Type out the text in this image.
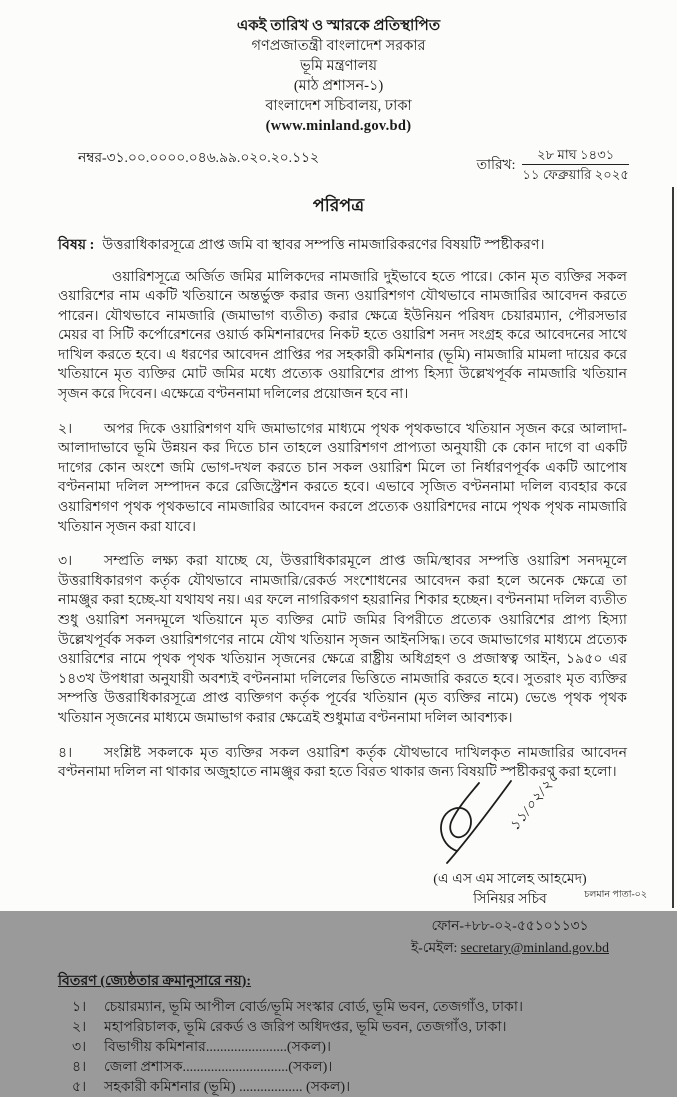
একই তারিখ ও স্মারকে প্রতিস্থাপিত
গণপ্রজাতন্ত্রী বাংলাদেশ সরকার
ভূমি মন্ত্রণালয়
(মাঠ প্রশাসন-১)
বাংলাদেশ সচিবালয়, ঢাকা
(www.minland.gov.bd)
নম্বর-৩১.০০.০০০০.০৪৬.৯৯.০২০.২০.১১২	তারিখ:
২৮ মাঘ ১৪৩১
১১ ফেব্রুয়ারি ২০২৫
পরিপত্র
বিষয় : উত্তরাধিকারসূত্রে প্রাপ্ত জমি বা স্থাবর সম্পত্তি নামজারিকরণের বিষয়টি স্পষ্টীকরণ।

ওয়ারিশসূত্রে অর্জিত জমির মালিকদের নামজারি দুইভাবে হতে পারে। কোন মৃত ব্যক্তির সকল ওয়ারিশের নাম একটি খতিয়ানে অন্তর্ভুক্ত করার জন্য ওয়ারিশগণ যৌথভাবে নামজারির আবেদন করতে পারেন। যৌথভাবে নামজারি (জমাভাগ ব্যতীত) করার ক্ষেত্রে ইউনিয়ন পরিষদ চেয়ারম্যান, পৌরসভার মেয়র বা সিটি কর্পোরেশনের ওয়ার্ড কমিশনারদের নিকট হতে ওয়ারিশ সনদ সংগ্রহ করে আবেদনের সাথে দাখিল করতে হবে। এ ধরণের আবেদন প্রাপ্তির পর সহকারী কমিশনার (ভূমি) নামজারি মামলা দায়ের করে খতিয়ানে মৃত ব্যক্তির মোট জমির মধ্যে প্রত্যেক ওয়ারিশের প্রাপ্য হিস্যা উল্লেখপূর্বক নামজারি খতিয়ান সৃজন করে দিবেন। এক্ষেত্রে বণ্টননামা দলিলের প্রয়োজন হবে না।

২। অপর দিকে ওয়ারিশগণ যদি জমাভাগের মাধ্যমে পৃথক পৃথকভাবে খতিয়ান সৃজন করে আলাদা-আলাদাভাবে ভূমি উন্নয়ন কর দিতে চান তাহলে ওয়ারিশগণ প্রাপ্যতা অনুযায়ী কে কোন দাগে বা একটি দাগের কোন অংশে জমি ভোগ-দখল করতে চান সকল ওয়ারিশ মিলে তা নির্ধারণপূর্বক একটি আপোষ বণ্টননামা দলিল সম্পাদন করে রেজিস্ট্রেশন করতে হবে। এভাবে সৃজিত বণ্টননামা দলিল ব্যবহার করে ওয়ারিশগণ পৃথক পৃথকভাবে নামজারির আবেদন করলে প্রত্যেক ওয়ারিশদের নামে পৃথক পৃথক নামজারি খতিয়ান সৃজন করা যাবে।

৩। সম্প্রতি লক্ষ্য করা যাচ্ছে যে, উত্তরাধিকারমূলে প্রাপ্ত জমি/স্থাবর সম্পত্তি ওয়ারিশ সনদমূলে উত্তরাধিকারগণ কর্তৃক যৌথভাবে নামজারি/রেকর্ড সংশোধনের আবেদন করা হলে অনেক ক্ষেত্রে তা নামঞ্জুর করা হচ্ছে-যা যথাযথ নয়। এর ফলে নাগরিকগণ হয়রানির শিকার হচ্ছেন। বণ্টননামা দলিল ব্যতীত শুধু ওয়ারিশ সনদমূলে খতিয়ানে মৃত ব্যক্তির মোট জমির বিপরীতে প্রত্যেক ওয়ারিশের প্রাপ্য হিস্যা উল্লেখপূর্বক সকল ওয়ারিশগণের নামে যৌথ খতিয়ান সৃজন আইনসিদ্ধ। তবে জমাভাগের মাধ্যমে প্রত্যেক ওয়ারিশের নামে পৃথক পৃথক খতিয়ান সৃজনের ক্ষেত্রে রাষ্ট্রীয় অধিগ্রহণ ও প্রজাস্বত্ব আইন, ১৯৫০ এর ১৪৩খ উপধারা অনুযায়ী অবশ্যই বণ্টননামা দলিলের ভিত্তিতে নামজারি করতে হবে। সুতরাং মৃত ব্যক্তির সম্পত্তি উত্তরাধিকারসূত্রে প্রাপ্ত ব্যক্তিগণ কর্তৃক পূর্বের খতিয়ান (মৃত ব্যক্তির নামে) ভেঙে পৃথক পৃথক খতিয়ান সৃজনের মাধ্যমে জমাভাগ করার ক্ষেত্রেই শুধুমাত্র বণ্টননামা দলিল আবশ্যক।

৪। সংশ্লিষ্ট সকলকে মৃত ব্যক্তির সকল ওয়ারিশ কর্তৃক যৌথভাবে দাখিলকৃত নামজারির আবেদন বণ্টননামা দলিল না থাকার অজুহাতে নামঞ্জুর করা হতে বিরত থাকার জন্য বিষয়টি স্পষ্টীকরণ করা হলো।

১১/০২/২৫
(এ এস এম সালেহ আহমেদ)
সিনিয়র সচিব
ফোন-+৮৮-০২-৫৫১০১১৩১
ই-মেইল: secretary@minland.gov.bd
বিতরণ (জ্যেষ্ঠতার ক্রমানুসারে নয়):
১।	চেয়ারম্যান, ভূমি আপীল বোর্ড/ভূমি সংস্কার বোর্ড, ভূমি ভবন, তেজগাঁও, ঢাকা।
২।	মহাপরিচালক, ভূমি রেকর্ড ও জরিপ অধিদপ্তর, ভূমি ভবন, তেজগাঁও, ঢাকা।
৩।	বিভাগীয় কমিশনার.......................(সকল)।
৪।	জেলা প্রশাসক..............................(সকল)।
৫।	সহকারী কমিশনার (ভূমি) .................. (সকল)।
চলমান পাতা-০২
